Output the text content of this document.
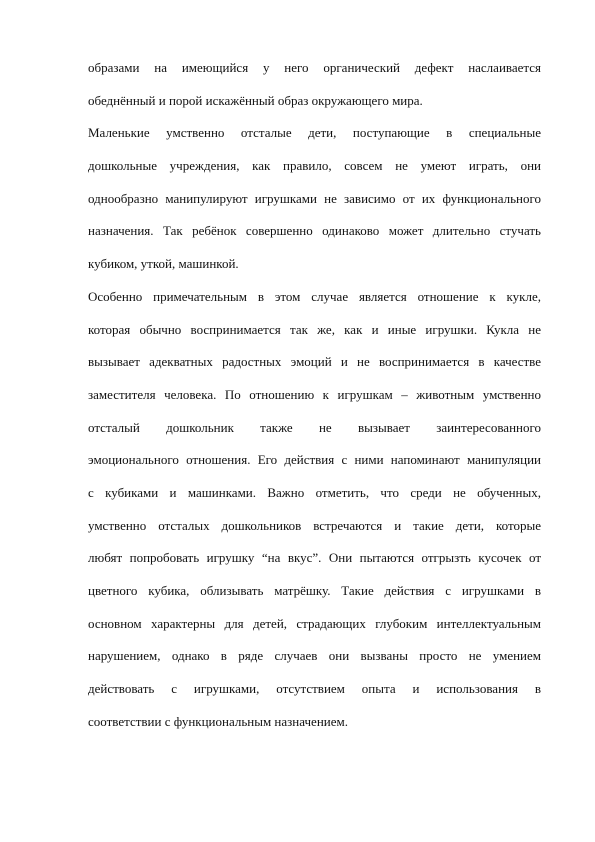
образами на имеющийся у него органический дефект наслаивается
обеднённый и порой искажённый образ окружающего мира.
Маленькие умственно отсталые дети, поступающие в специальные
дошкольные учреждения, как правило, совсем не умеют играть, они
однообразно манипулируют игрушками не зависимо от их функционального
назначения. Так ребёнок совершенно одинаково может длительно стучать
кубиком, уткой, машинкой.
Особенно примечательным в этом случае является отношение к кукле,
которая обычно воспринимается так же, как и иные игрушки. Кукла не
вызывает адекватных радостных эмоций и не воспринимается в качестве
заместителя человека. По отношению к игрушкам – животным умственно
отсталый дошкольник также не вызывает заинтересованного
эмоционального отношения. Его действия с ними напоминают манипуляции
с кубиками и машинками. Важно отметить, что среди не обученных,
умственно отсталых дошкольников встречаются и такие дети, которые
любят попробовать игрушку “на вкус”. Они пытаются отгрызть кусочек от
цветного кубика, облизывать матрёшку. Такие действия с игрушками в
основном характерны для детей, страдающих глубоким интеллектуальным
нарушением, однако в ряде случаев они вызваны просто не умением
действовать с игрушками, отсутствием опыта и использования в
соответствии с функциональным назначением.
